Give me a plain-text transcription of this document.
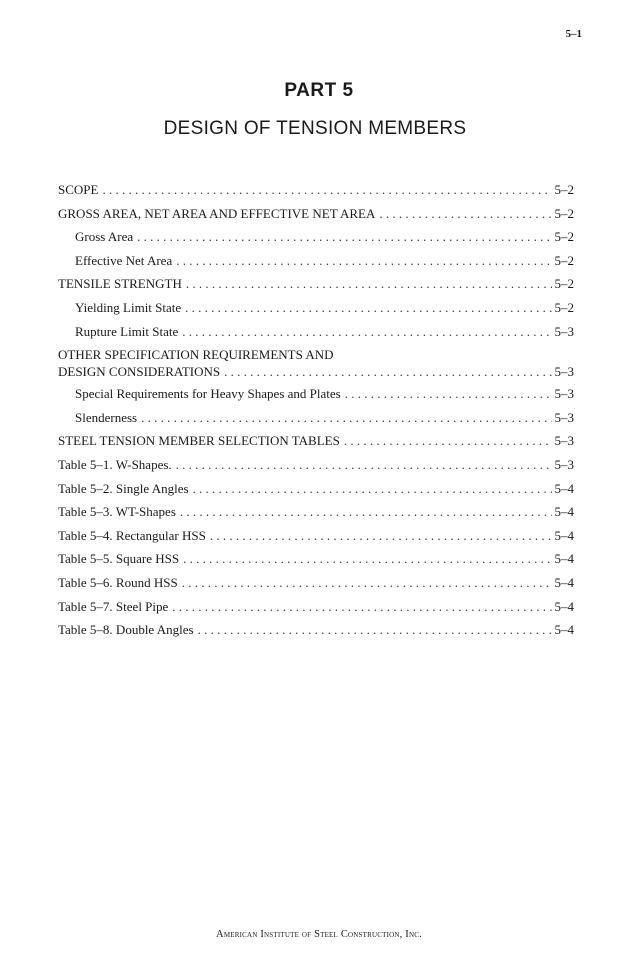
5–1
PART 5
DESIGN OF TENSION MEMBERS
SCOPE . . .	5–2
GROSS AREA, NET AREA AND EFFECTIVE NET AREA . . .	5–2
Gross Area . . .	5–2
Effective Net Area . . .	5–2
TENSILE STRENGTH . . .	5–2
Yielding Limit State . . .	5–2
Rupture Limit State . . .	5–3
OTHER SPECIFICATION REQUIREMENTS AND
DESIGN CONSIDERATIONS . . .	5–3
Special Requirements for Heavy Shapes and Plates . . .	5–3
Slenderness . . .	5–3
STEEL TENSION MEMBER SELECTION TABLES . . .	5–3
Table 5–1. W-Shapes. . . .	5–3
Table 5–2. Single Angles . . .	5–4
Table 5–3. WT-Shapes . . .	5–4
Table 5–4. Rectangular HSS . . .	5–4
Table 5–5. Square HSS . . .	5–4
Table 5–6. Round HSS . . .	5–4
Table 5–7. Steel Pipe . . .	5–4
Table 5–8. Double Angles . . .	5–4
American Institute of Steel Construction, Inc.
